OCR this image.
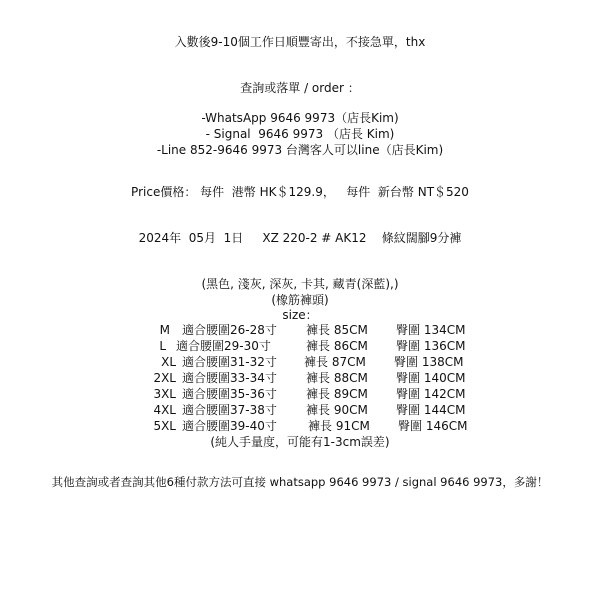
入數後9-10個工作日順豐寄出，不接急單，thx
查詢或落單 / order ：
-WhatsApp 9646 9973（店長Kim)
- Signal  9646 9973 （店長 Kim)
-Line 852-9646 9973 台灣客人可以line（店長Kim)
Price價格： 每件  港幣 HK＄129.9，   每件  新台幣 NT＄520
2024年  05月  1日     XZ 220-2 # AK12    條紋闊腳9分褲
(黑色, 淺灰, 深灰, 卡其, 藏青(深藍),)
(橡筋褲頭)
size：

M

適合腰圍26-28寸

褲長 85CM

臀圍 134CM

L

適合腰圍29-30寸

	褲長 86CM

臀圍 136CM

XL

適合腰圍31-32寸

褲長 87CM

臀圍 138CM

2XL

適合腰圍33-34寸

褲長 88CM

臀圍 140CM

3XL

適合腰圍35-36寸

褲長 89CM

臀圍 142CM

4XL

適合腰圍37-38寸

褲長 90CM

臀圍 144CM

5XL

適合腰圍39-40寸

	褲長 91CM

臀圍 146CM

(純人手量度，可能有1-3cm誤差)
其他查詢或者查詢其他6種付款方法可直接 whatsapp 9646 9973 / signal 9646 9973，多謝！
